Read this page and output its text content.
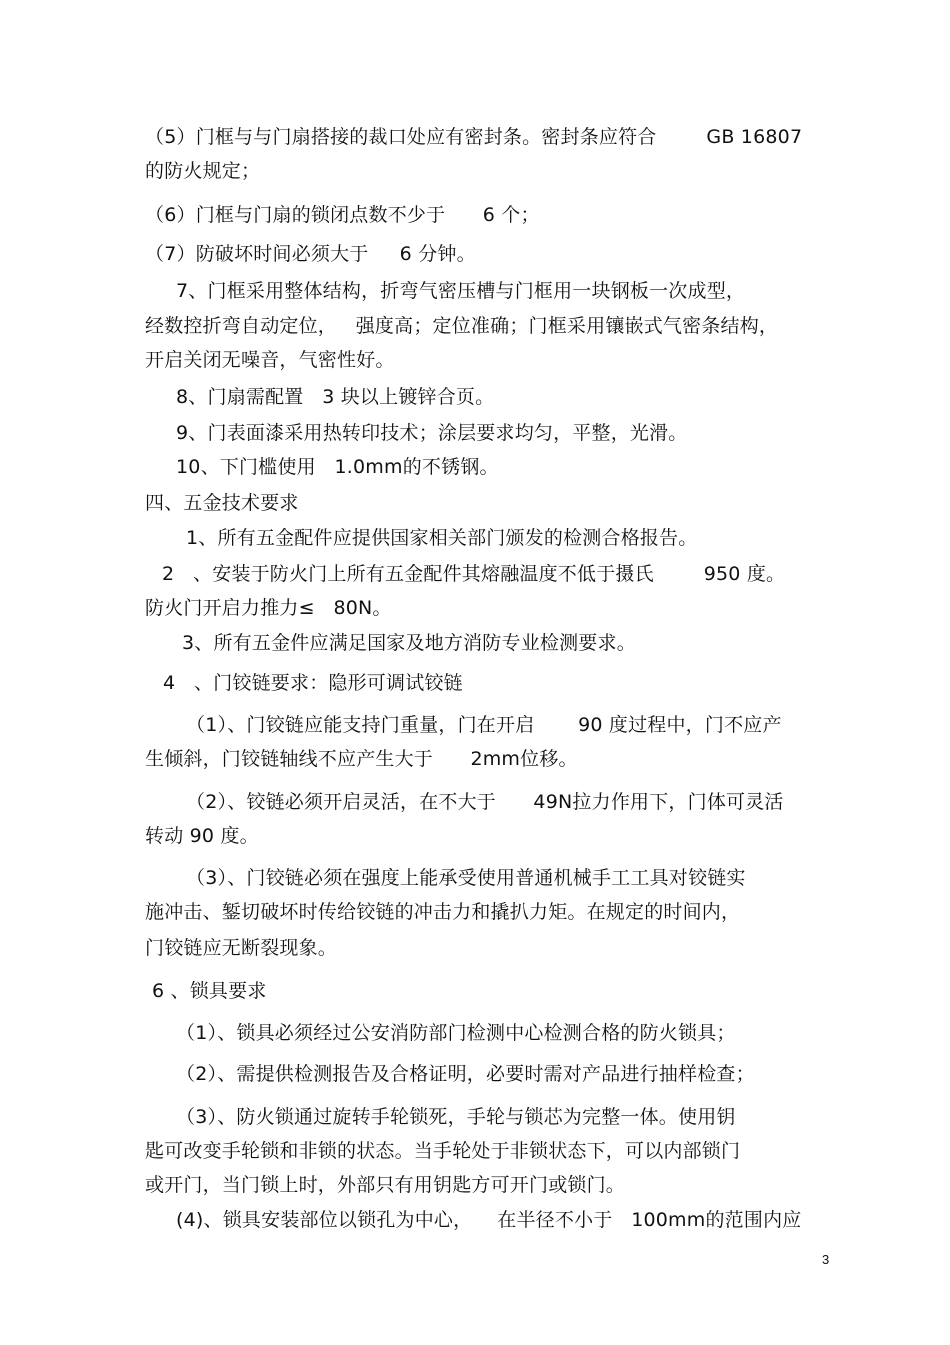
（5）门框与与门扇搭接的裁口处应有密封条。密封条应符合        GB 16807
的防火规定；
（6）门框与门扇的锁闭点数不少于      6 个；
（7）防破坏时间必须大于     6 分钟。
7、门框采用整体结构，折弯气密压槽与门框用一块钢板一次成型，
经数控折弯自动定位，   强度高；定位准确；门框采用镶嵌式气密条结构，
开启关闭无噪音，气密性好。
8、门扇需配置   3 块以上镀锌合页。
9、门表面漆采用热转印技术；涂层要求均匀，平整，光滑。
10、下门槛使用   1.0mm的不锈钢。
四、五金技术要求
1、所有五金配件应提供国家相关部门颁发的检测合格报告。
2   、安装于防火门上所有五金配件其熔融温度不低于摄氏        950 度。
防火门开启力推力≤   80N。
3、所有五金件应满足国家及地方消防专业检测要求。
4   、门铰链要求：隐形可调试铰链
（1）、门铰链应能支持门重量，门在开启       90 度过程中，门不应产
生倾斜，门铰链轴线不应产生大于      2mm位移。
（2）、铰链必须开启灵活，在不大于      49N拉力作用下，门体可灵活
转动 90 度。
（3）、门铰链必须在强度上能承受使用普通机械手工工具对铰链实
施冲击、錾切破坏时传给铰链的冲击力和撬扒力矩。在规定的时间内，
门铰链应无断裂现象。
6 、锁具要求
（1）、锁具必须经过公安消防部门检测中心检测合格的防火锁具；
（2）、需提供检测报告及合格证明，必要时需对产品进行抽样检查；
（3）、防火锁通过旋转手轮锁死，手轮与锁芯为完整一体。使用钥
匙可改变手轮锁和非锁的状态。当手轮处于非锁状态下，可以内部锁门
或开门，当门锁上时，外部只有用钥匙方可开门或锁门。
(4)、锁具安装部位以锁孔为中心，    在半径不小于   100mm的范围内应
3
